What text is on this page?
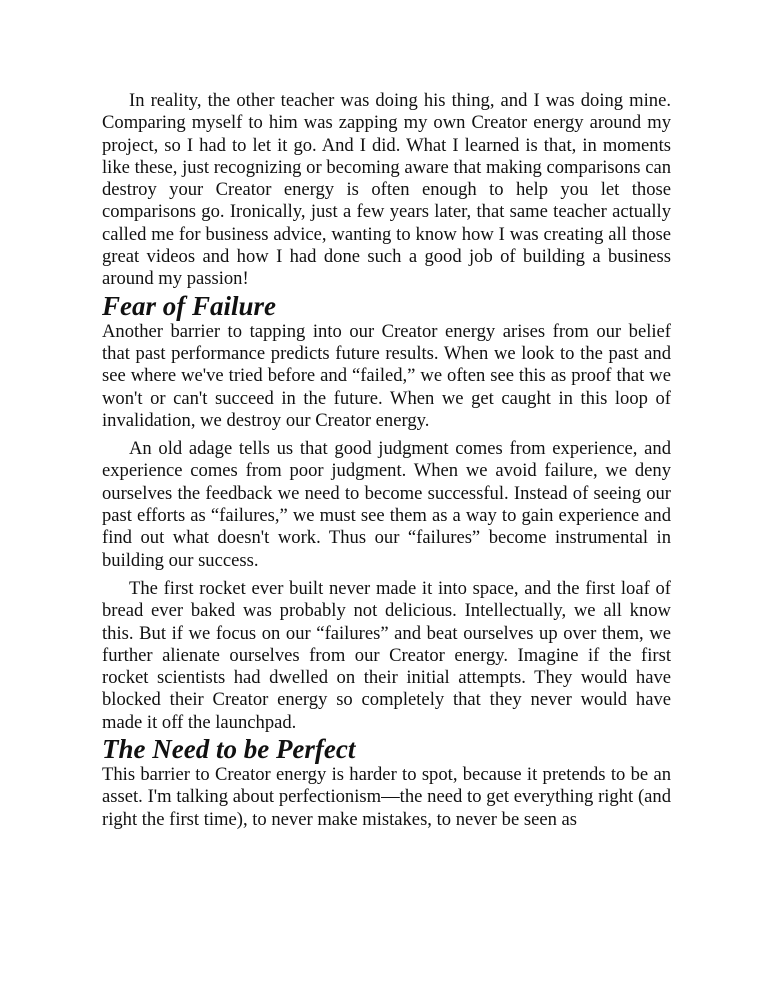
In reality, the other teacher was doing his thing, and I was doing mine. Comparing myself to him was zapping my own Creator energy around my project, so I had to let it go. And I did. What I learned is that, in moments like these, just recognizing or becoming aware that making comparisons can destroy your Creator energy is often enough to help you let those comparisons go. Ironically, just a few years later, that same teacher actually called me for business advice, wanting to know how I was creating all those great videos and how I had done such a good job of building a business around my passion!

Fear of Failure

Another barrier to tapping into our Creator energy arises from our belief that past performance predicts future results. When we look to the past and see where we've tried before and “failed,” we often see this as proof that we won't or can't succeed in the future. When we get caught in this loop of invalidation, we destroy our Creator energy.

An old adage tells us that good judgment comes from experience, and experience comes from poor judgment. When we avoid failure, we deny ourselves the feedback we need to become successful. Instead of seeing our past efforts as “failures,” we must see them as a way to gain experience and find out what doesn't work. Thus our “failures” become instrumental in building our success.

The first rocket ever built never made it into space, and the first loaf of bread ever baked was probably not delicious. Intellectually, we all know this. But if we focus on our “failures” and beat ourselves up over them, we further alienate ourselves from our Creator energy. Imagine if the first rocket scientists had dwelled on their initial attempts. They would have blocked their Creator energy so completely that they never would have made it off the launchpad.

The Need to be Perfect

This barrier to Creator energy is harder to spot, because it pretends to be an asset. I'm talking about perfectionism—the need to get everything right (and right the first time), to never make mistakes, to never be seen as
